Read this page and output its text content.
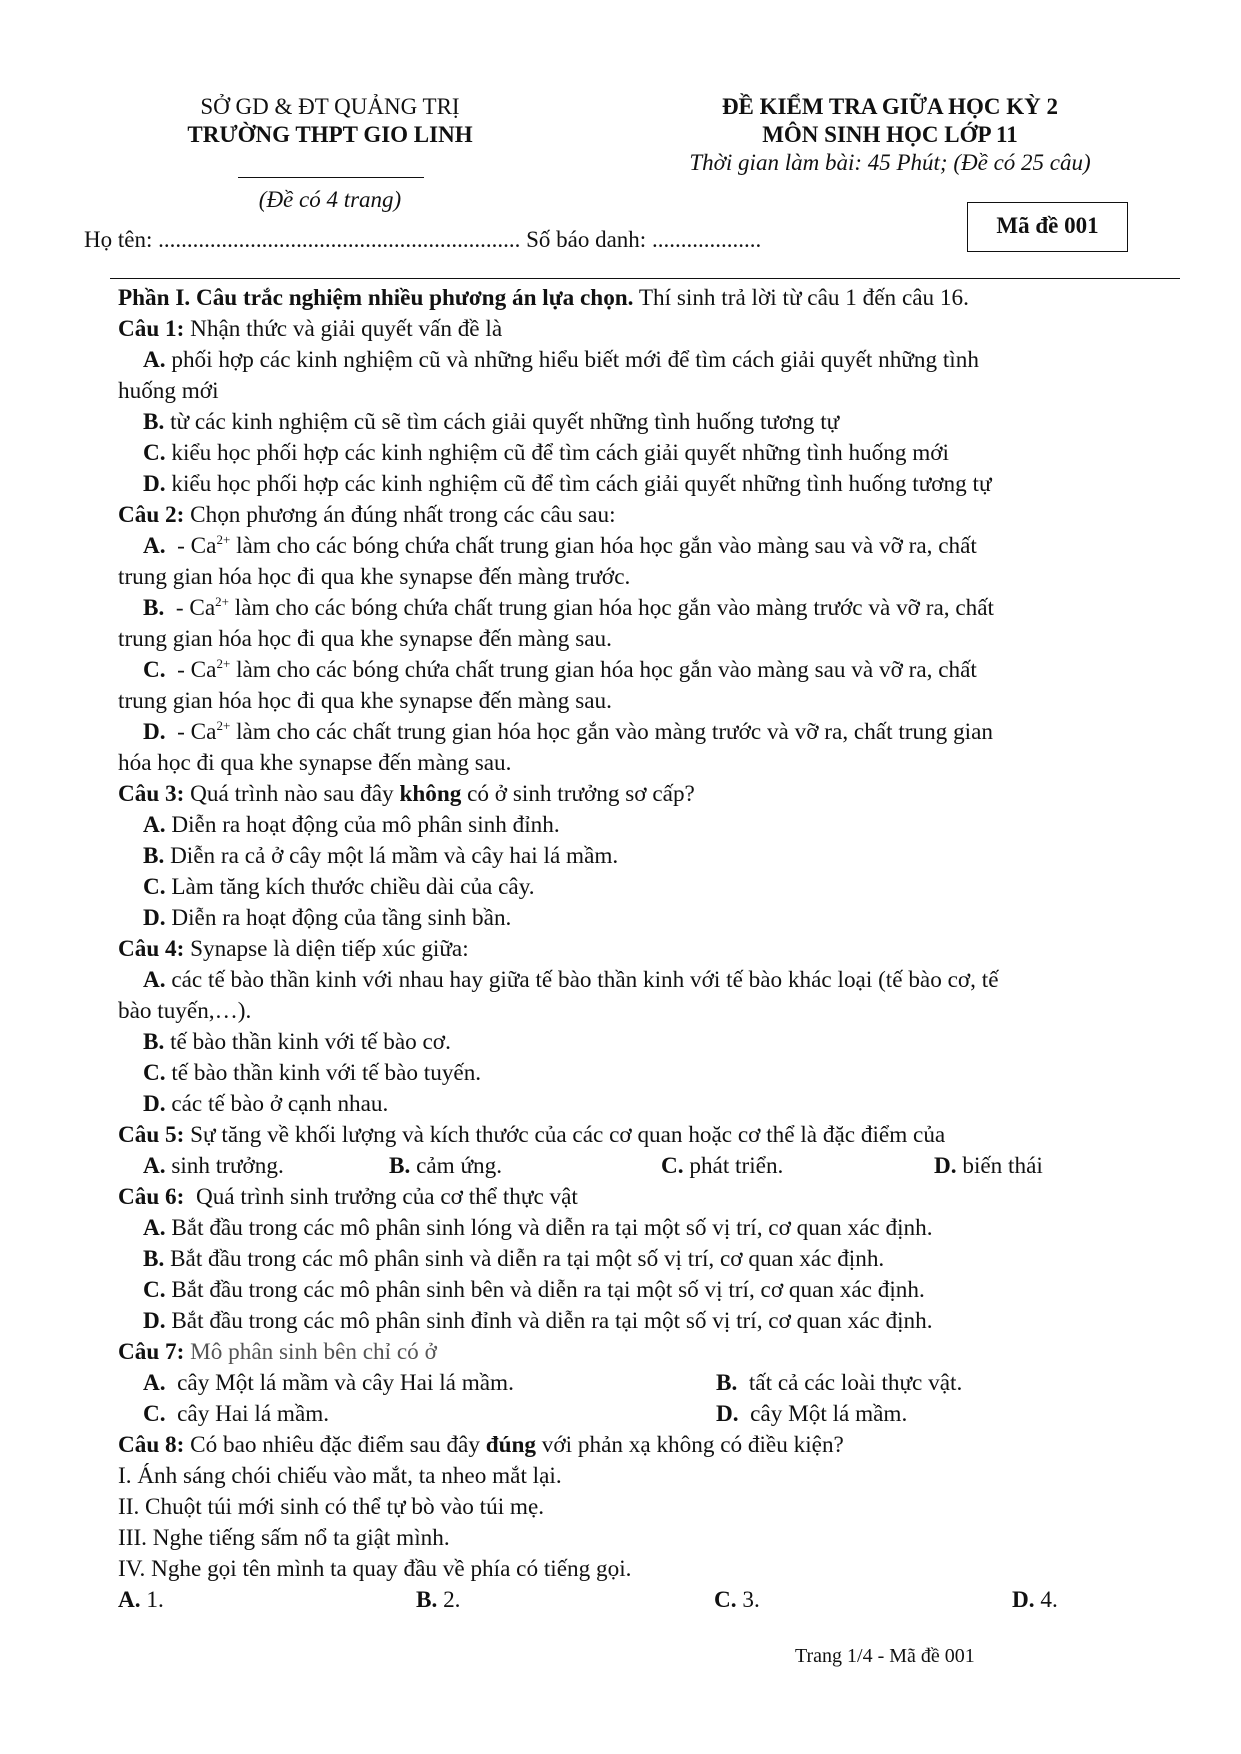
SỞ GD & ĐT QUẢNG TRỊ
TRƯỜNG THPT GIO LINH
(Đề có 4 trang)
ĐỀ KIỂM TRA GIỮA HỌC KỲ 2
MÔN SINH HỌC LỚP 11
Thời gian làm bài: 45 Phút; (Đề có 25 câu)
Họ tên: ............................................................... Số báo danh: ...................
Mã đề 001
Phần I. Câu trắc nghiệm nhiều phương án lựa chọn. Thí sinh trả lời từ câu 1 đến câu 16.
Câu 1: Nhận thức và giải quyết vấn đề là
A. phối hợp các kinh nghiệm cũ và những hiểu biết mới để tìm cách giải quyết những tình
huống mới
B. từ các kinh nghiệm cũ sẽ tìm cách giải quyết những tình huống tương tự
C. kiểu học phối hợp các kinh nghiệm cũ để tìm cách giải quyết những tình huống mới
D. kiểu học phối hợp các kinh nghiệm cũ để tìm cách giải quyết những tình huống tương tự
Câu 2: Chọn phương án đúng nhất trong các câu sau:
A.  - $Ca^{2+}$ làm cho các bóng chứa chất trung gian hóa học gắn vào màng sau và vỡ ra, chất
trung gian hóa học đi qua khe synapse đến màng trước.
B.  - $Ca^{2+}$ làm cho các bóng chứa chất trung gian hóa học gắn vào màng trước và vỡ ra, chất
trung gian hóa học đi qua khe synapse đến màng sau.
C.  - $Ca^{2+}$ làm cho các bóng chứa chất trung gian hóa học gắn vào màng sau và vỡ ra, chất
trung gian hóa học đi qua khe synapse đến màng sau.
D.  - $Ca^{2+}$ làm cho các chất trung gian hóa học gắn vào màng trước và vỡ ra, chất trung gian
hóa học đi qua khe synapse đến màng sau.
Câu 3: Quá trình nào sau đây không có ở sinh trưởng sơ cấp?
A. Diễn ra hoạt động của mô phân sinh đỉnh.
B. Diễn ra cả ở cây một lá mầm và cây hai lá mầm.
C. Làm tăng kích thước chiều dài của cây.
D. Diễn ra hoạt động của tầng sinh bần.
Câu 4: Synapse là diện tiếp xúc giữa:
A. các tế bào thần kinh với nhau hay giữa tế bào thần kinh với tế bào khác loại (tế bào cơ, tế
bào tuyến,…).
B. tế bào thần kinh với tế bào cơ.
C. tế bào thần kinh với tế bào tuyến.
D. các tế bào ở cạnh nhau.
Câu 5: Sự tăng về khối lượng và kích thước của các cơ quan hoặc cơ thể là đặc điểm của
A. sinh trưởng.	B. cảm ứng.	C. phát triển.	D. biến thái
Câu 6:  Quá trình sinh trưởng của cơ thể thực vật
A. Bắt đầu trong các mô phân sinh lóng và diễn ra tại một số vị trí, cơ quan xác định.
B. Bắt đầu trong các mô phân sinh và diễn ra tại một số vị trí, cơ quan xác định.
C. Bắt đầu trong các mô phân sinh bên và diễn ra tại một số vị trí, cơ quan xác định.
D. Bắt đầu trong các mô phân sinh đỉnh và diễn ra tại một số vị trí, cơ quan xác định.
Câu 7: Mô phân sinh bên chỉ có ở
A.  cây Một lá mầm và cây Hai lá mầm.	B.  tất cả các loài thực vật.
C.  cây Hai lá mầm.	D.  cây Một lá mầm.
Câu 8: Có bao nhiêu đặc điểm sau đây đúng với phản xạ không có điều kiện?
I. Ánh sáng chói chiếu vào mắt, ta nheo mắt lại.
II. Chuột túi mới sinh có thể tự bò vào túi mẹ.
III. Nghe tiếng sấm nổ ta giật mình.
IV. Nghe gọi tên mình ta quay đầu về phía có tiếng gọi.
A. 1.	B. 2.	C. 3.	D. 4.
Trang 1/4 - Mã đề 001
